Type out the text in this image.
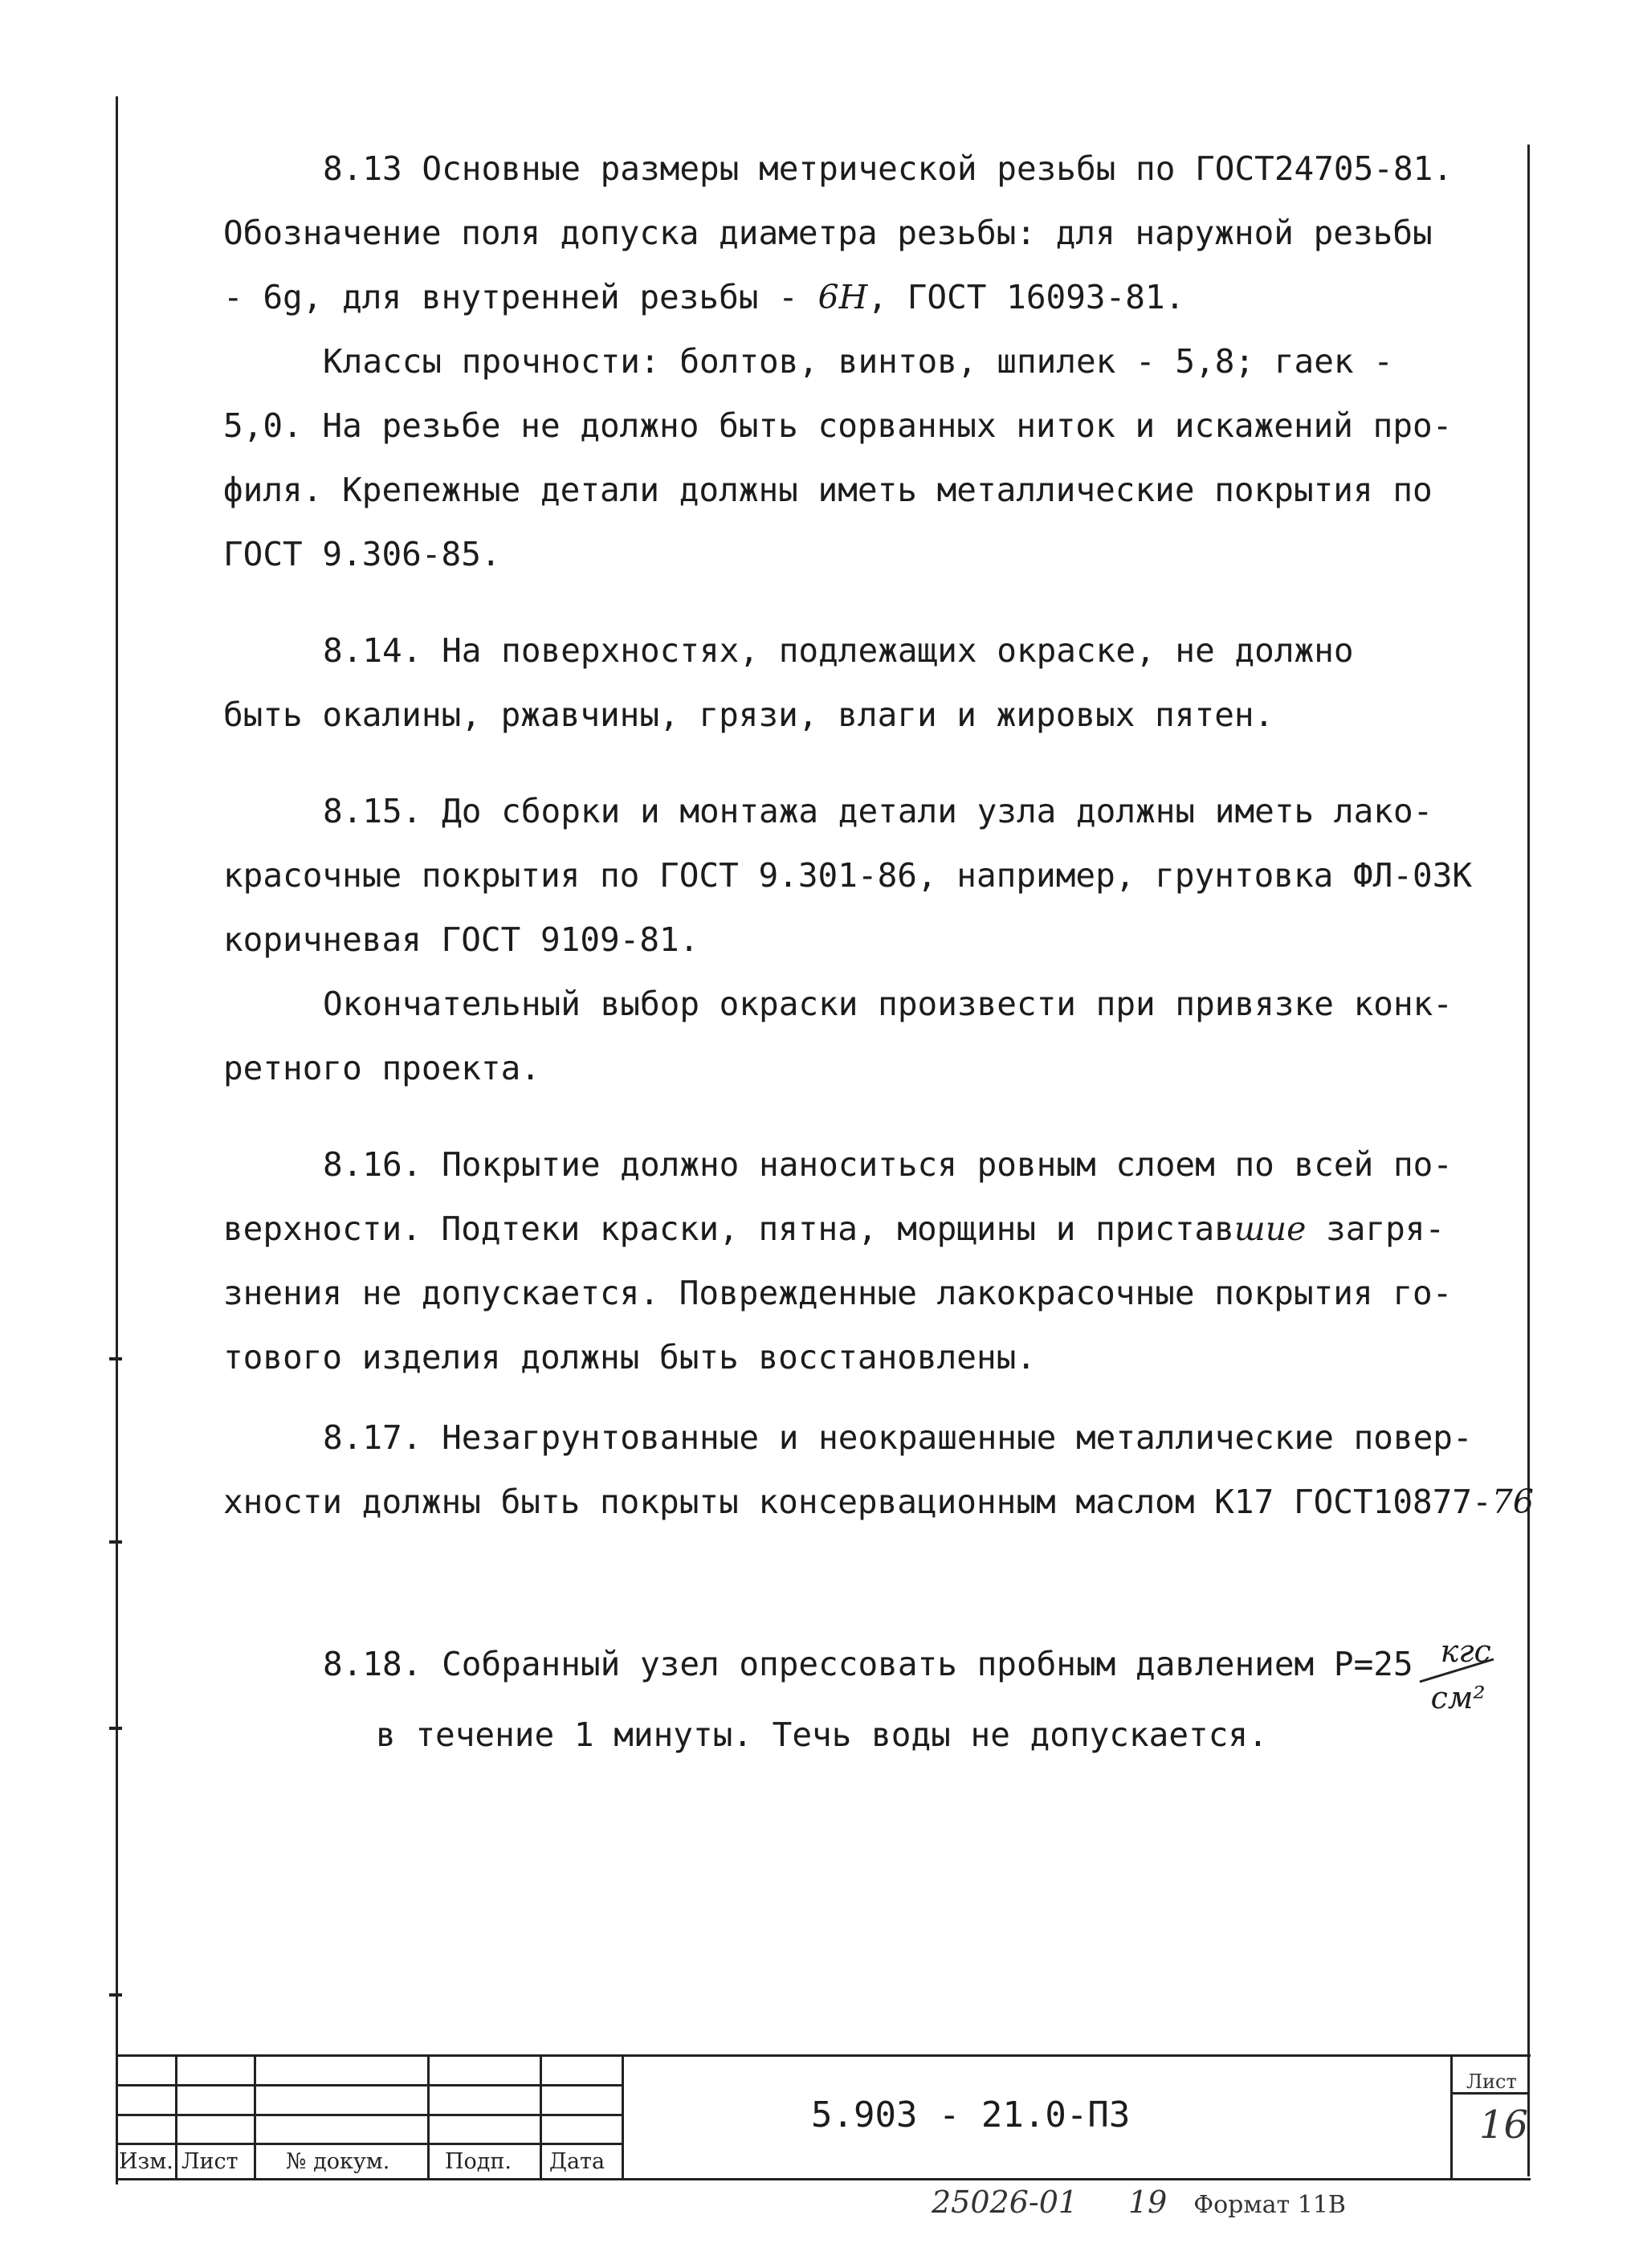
8.13 Основные размеры метрической резьбы по ГОСТ24705-81.
Обозначение поля допуска диаметра резьбы: для наружной резьбы
- 6g, для внутренней резьбы - 6H, ГОСТ 16093-81.
Классы прочности: болтов, винтов, шпилек - 5,8; гаек -
5,0. На резьбе не должно быть сорванных ниток и искажений про-
филя. Крепежные детали должны иметь металлические покрытия по
ГОСТ 9.306-85.
8.14. На поверхностях, подлежащих окраске, не должно
быть окалины, ржавчины, грязи, влаги и жировых пятен.
8.15. До сборки и монтажа детали узла должны иметь лако-
красочные покрытия по ГОСТ 9.301-86, например, грунтовка ФЛ-03К
коричневая ГОСТ 9109-81.
Окончательный выбор окраски произвести при привязке конк-
ретного проекта.
8.16. Покрытие должно наноситься ровным слоем по всей по-
верхности. Подтеки краски, пятна, морщины и приставшие загря-
знения не допускается. Поврежденные лакокрасочные покрытия го-
тового изделия должны быть восстановлены.
8.17. Незагрунтованные и неокрашенные металлические повер-
хности должны быть покрыты консервационным маслом К17 ГОСТ10877-76
8.18. Собранный узел опрессовать пробным давлением Р=25 кгс
см²
в течение 1 минуты. Течь воды не допускается.
Изм. Лист № докум.	Подп. Дата
5.903 - 21.0-ПЗ
Лист
16
25026-01 19 Формат 11В
